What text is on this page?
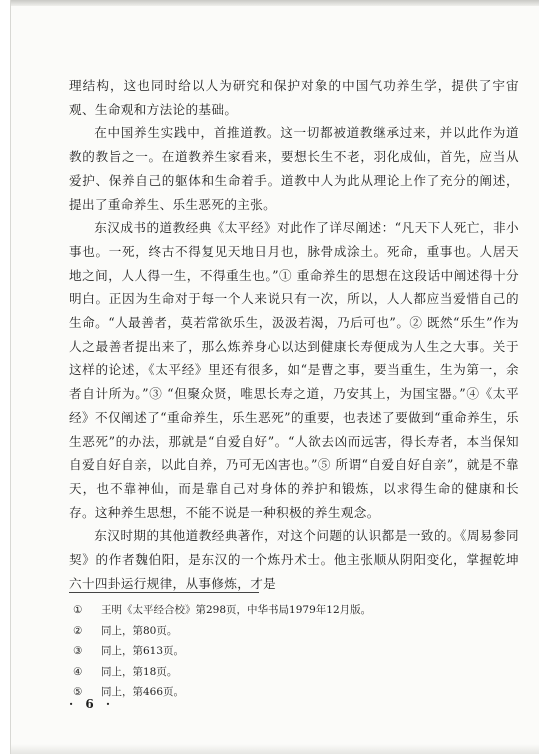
理结构，这也同时给以人为研究和保护对象的中国气功养生学，提供了宇宙观、生命观和方法论的基础。

在中国养生实践中，首推道教。这一切都被道教继承过来，并以此作为道教的教旨之一。在道教养生家看来，要想长生不老，羽化成仙，首先，应当从爱护、保养自己的躯体和生命着手。道教中人为此从理论上作了充分的阐述，提出了重命养生、乐生恶死的主张。

东汉成书的道教经典《太平经》对此作了详尽阐述：“凡天下人死亡，非小事也。一死，终古不得复见天地日月也，脉骨成涂土。死命，重事也。人居天地之间，人人得一生，不得重生也。”① 重命养生的思想在这段话中阐述得十分明白。正因为生命对于每一个人来说只有一次，所以，人人都应当爱惜自己的生命。“人最善者，莫若常欲乐生，汲汲若渴，乃后可也”。② 既然“乐生”作为人之最善者提出来了，那么炼养身心以达到健康长寿便成为人生之大事。关于这样的论述，《太平经》里还有很多，如“是曹之事，要当重生，生为第一，余者自计所为。”③ “但聚众贤，唯思长寿之道，乃安其上，为国宝器。”④《太平经》不仅阐述了“重命养生，乐生恶死”的重要，也表述了要做到“重命养生，乐生恶死”的办法，那就是“自爱自好”。“人欲去凶而远害，得长寿者，本当保知自爱自好自亲，以此自养，乃可无凶害也。”⑤ 所谓“自爱自好自亲”，就是不靠天，也不靠神仙，而是靠自己对身体的养护和锻炼，以求得生命的健康和长存。这种养生思想，不能不说是一种积极的养生观念。

东汉时期的其他道教经典著作，对这个问题的认识都是一致的。《周易参同契》的作者魏伯阳，是东汉的一个炼丹术士。他主张顺从阴阳变化，掌握乾坤六十四卦运行规律，从事修炼，才是

①	王明《太平经合校》第298页，中华书局1979年12月版。
②	同上，第80页。
③	同上，第613页。
④	同上，第18页。
⑤	同上，第466页。
· 6 ·
